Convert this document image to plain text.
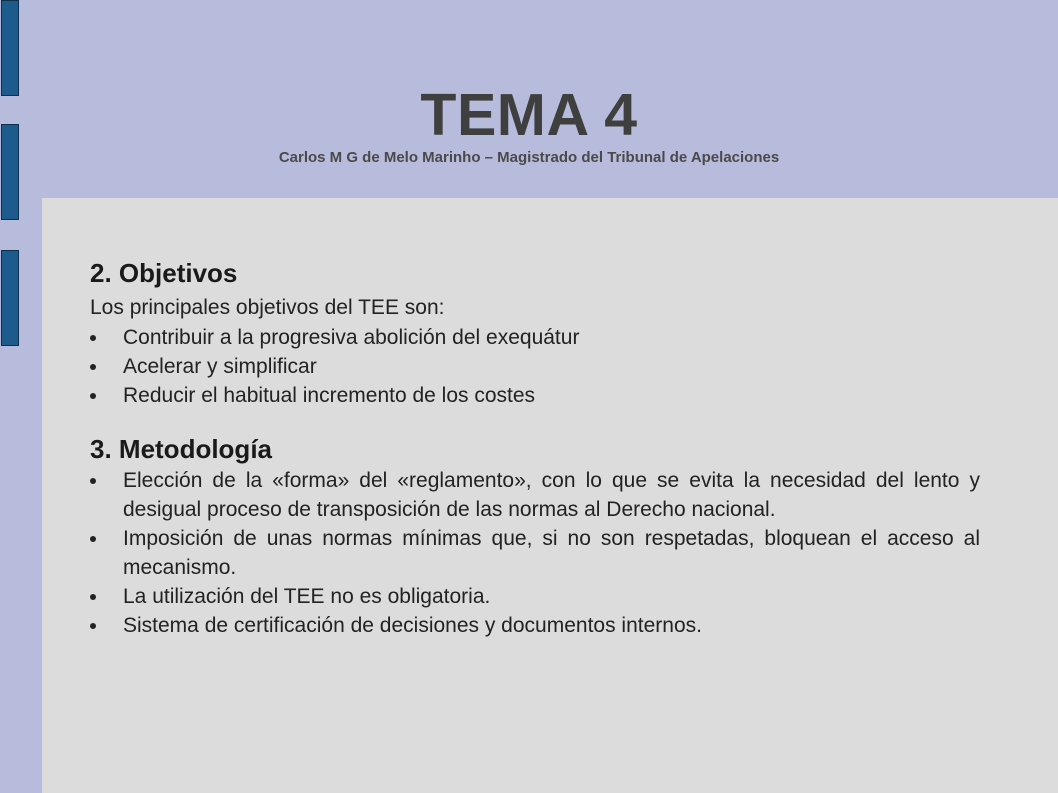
TEMA 4
Carlos M G de Melo Marinho – Magistrado del Tribunal de Apelaciones
2. Objetivos

Los principales objetivos del TEE son:

Contribuir a la progresiva abolición del exequátur
Acelerar y simplificar
Reducir el habitual incremento de los costes
3. Metodología
Elección de la «forma» del «reglamento», con lo que se evita la necesidad del lento y desigual proceso de transposición de las normas al Derecho nacional.
Imposición de unas normas mínimas que, si no son respetadas, bloquean el acceso al mecanismo.
La utilización del TEE no es obligatoria.
Sistema de certificación de decisiones y documentos internos.
